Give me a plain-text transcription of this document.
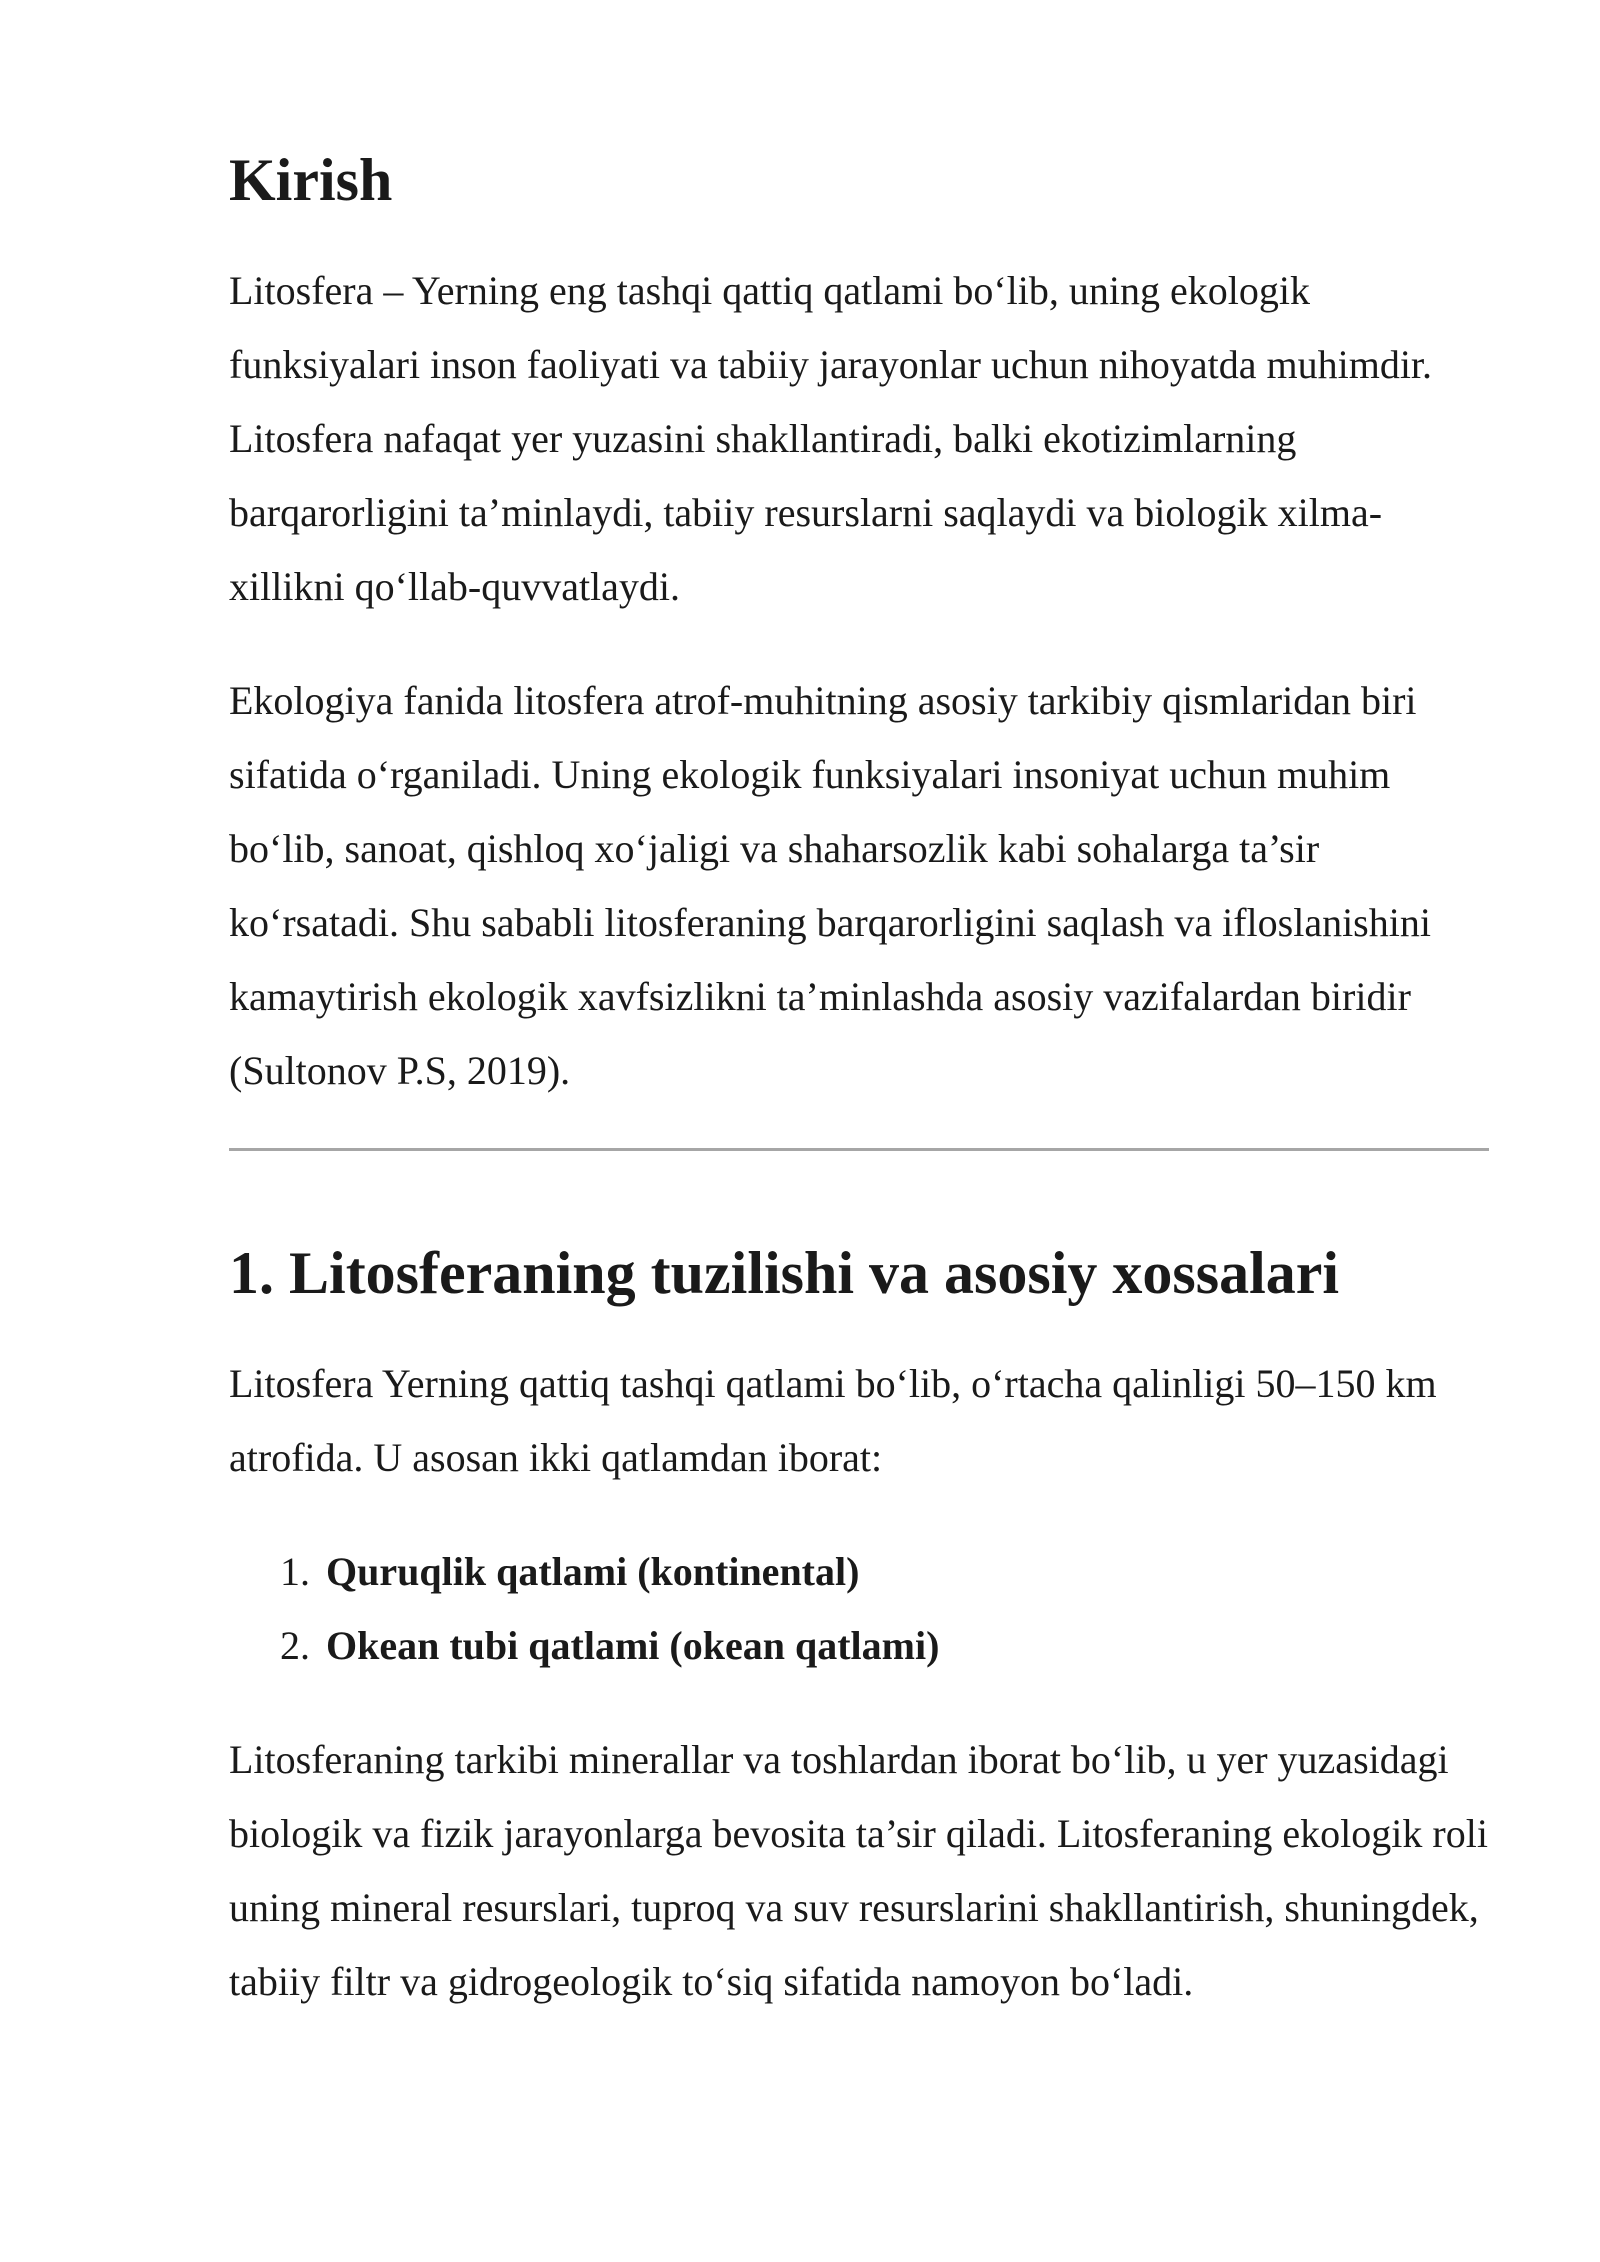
Kirish

Litosfera – Yerning eng tashqi qattiq qatlami bo‘lib, uning ekologik funksiyalari inson faoliyati va tabiiy jarayonlar uchun nihoyatda muhimdir. Litosfera nafaqat yer yuzasini shakllantiradi, balki ekotizimlarning barqarorligini ta’minlaydi, tabiiy resurslarni saqlaydi va biologik xilma-xillikni qo‘llab-quvvatlaydi.

Ekologiya fanida litosfera atrof-muhitning asosiy tarkibiy qismlaridan biri sifatida o‘rganiladi. Uning ekologik funksiyalari insoniyat uchun muhim bo‘lib, sanoat, qishloq xo‘jaligi va shaharsozlik kabi sohalarga ta’sir ko‘rsatadi. Shu sababli litosferaning barqarorligini saqlash va ifloslanishini kamaytirish ekologik xavfsizlikni ta’minlashda asosiy vazifalardan biridir (Sultonov P.S, 2019).

1. Litosferaning tuzilishi va asosiy xossalari

Litosfera Yerning qattiq tashqi qatlami bo‘lib, o‘rtacha qalinligi 50–150 km atrofida. U asosan ikki qatlamdan iborat:

1. Quruqlik qatlami (kontinental)
2. Okean tubi qatlami (okean qatlami)

Litosferaning tarkibi minerallar va toshlardan iborat bo‘lib, u yer yuzasidagi biologik va fizik jarayonlarga bevosita ta’sir qiladi. Litosferaning ekologik roli uning mineral resurslari, tuproq va suv resurslarini shakllantirish, shuningdek, tabiiy filtr va gidrogeologik to‘siq sifatida namoyon bo‘ladi.
